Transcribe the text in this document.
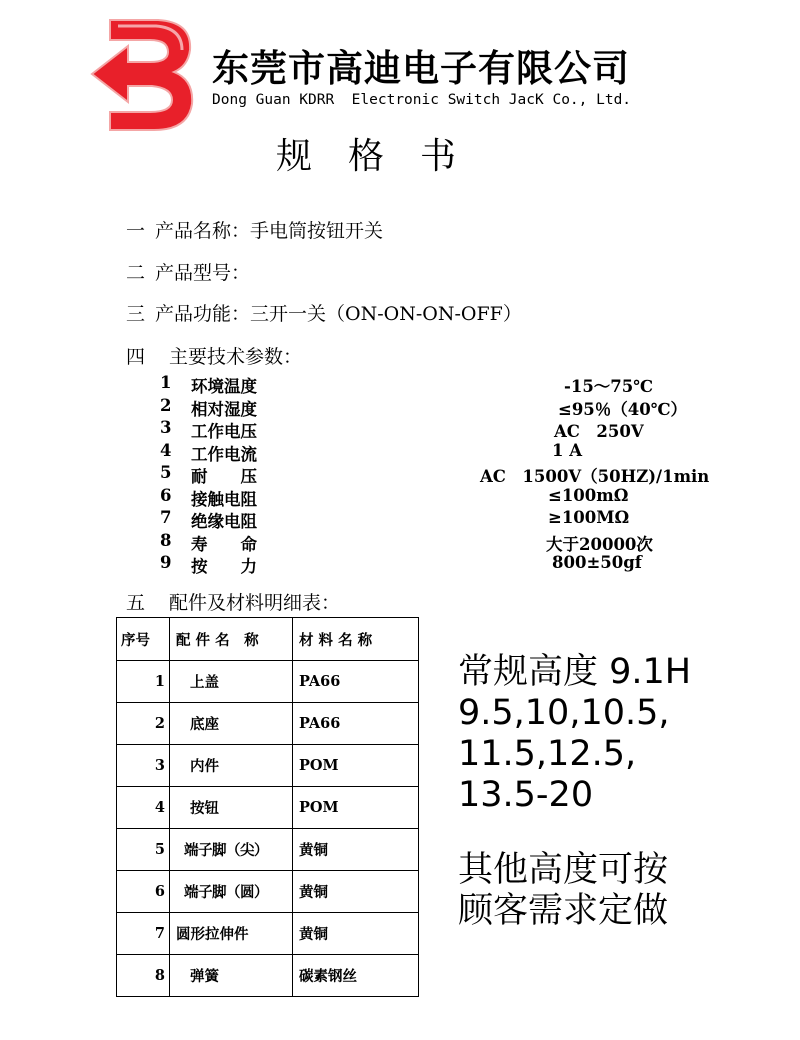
东莞市高迪电子有限公司
Dong Guan KDRR  Electronic Switch JacK Co., Ltd.
规格书
一 产品名称：手电筒按钮开关
二 产品型号：
三 产品功能：三开一关（ON-ON-ON-OFF）
四 主要技术参数：
1 环境温度	-15～75℃
2 相对湿度	≤95％（40℃）
3 工作电压	AC　250V
4 工作电流	1 A
5 耐　　压	AC　1500V（50HZ)/1min
6 接触电阻	≤100mΩ
7 绝缘电阻	≥100MΩ
8 寿　　命	大于20000次
9 按　　力	800±50gf
五 配件及材料明细表：
序号	配 件 名　称	材 料 名 称
1	上盖	PA66
2	底座	PA66
3	内件	POM
4	按钮	POM
5	端子脚（尖）	黄铜
6	端子脚（圆）	黄铜
7	圆形拉伸件	黄铜
8	弹簧	碳素钢丝
常规高度 9.1H
9.5,10,10.5,
11.5,12.5,
13.5-20
其他高度可按
顾客需求定做
